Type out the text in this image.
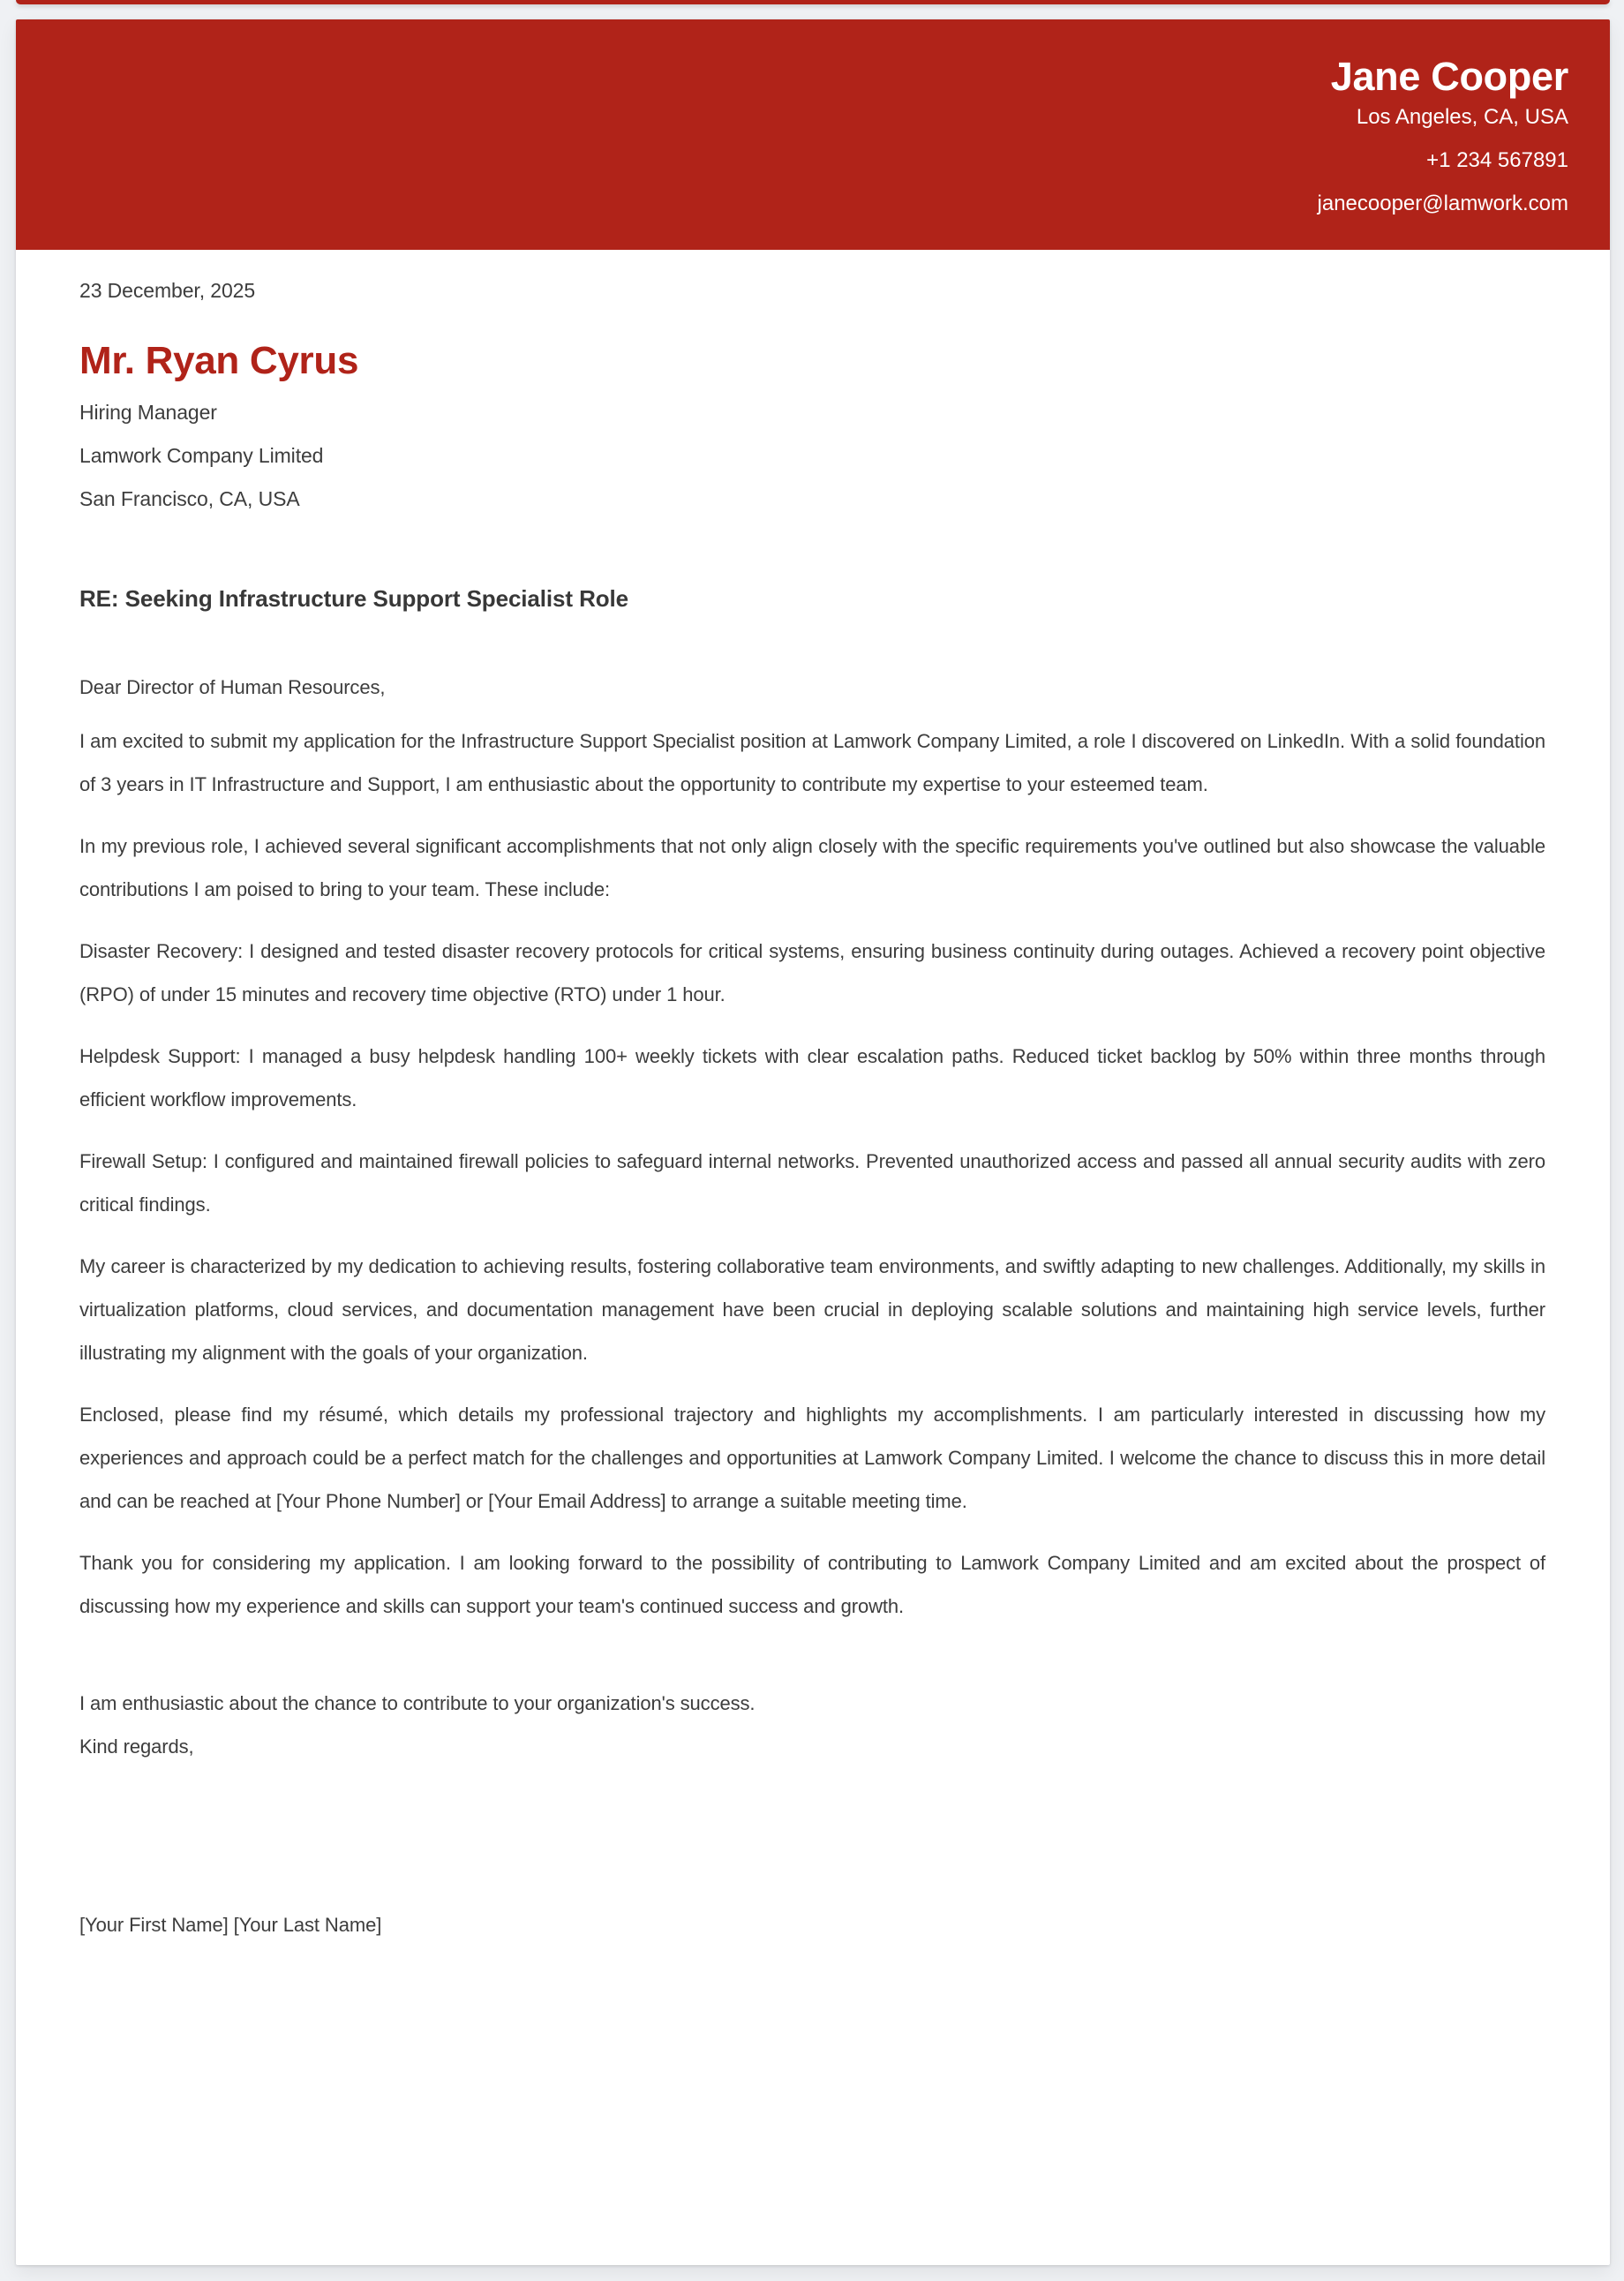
Jane Cooper
Los Angeles, CA, USA
+1 234 567891
janecooper@lamwork.com

23 December, 2025

Mr. Ryan Cyrus

Hiring Manager

Lamwork Company Limited

San Francisco, CA, USA

RE: Seeking Infrastructure Support Specialist Role

Dear Director of Human Resources,

I am excited to submit my application for the Infrastructure Support Specialist position at Lamwork Company Limited, a role I discovered on LinkedIn. With a solid foundation of 3 years in IT Infrastructure and Support, I am enthusiastic about the opportunity to contribute my expertise to your esteemed team.

In my previous role, I achieved several significant accomplishments that not only align closely with the specific requirements you've outlined but also showcase the valuable contributions I am poised to bring to your team. These include:

Disaster Recovery: I designed and tested disaster recovery protocols for critical systems, ensuring business continuity during outages. Achieved a recovery point objective (RPO) of under 15 minutes and recovery time objective (RTO) under 1 hour.

Helpdesk Support: I managed a busy helpdesk handling 100+ weekly tickets with clear escalation paths. Reduced ticket backlog by 50% within three months through efficient workflow improvements.

Firewall Setup: I configured and maintained firewall policies to safeguard internal networks. Prevented unauthorized access and passed all annual security audits with zero critical findings.

My career is characterized by my dedication to achieving results, fostering collaborative team environments, and swiftly adapting to new challenges. Additionally, my skills in virtualization platforms, cloud services, and documentation management have been crucial in deploying scalable solutions and maintaining high service levels, further illustrating my alignment with the goals of your organization.

Enclosed, please find my résumé, which details my professional trajectory and highlights my accomplishments. I am particularly interested in discussing how my experiences and approach could be a perfect match for the challenges and opportunities at Lamwork Company Limited. I welcome the chance to discuss this in more detail and can be reached at [Your Phone Number] or [Your Email Address] to arrange a suitable meeting time.

Thank you for considering my application. I am looking forward to the possibility of contributing to Lamwork Company Limited and am excited about the prospect of discussing how my experience and skills can support your team's continued success and growth.

I am enthusiastic about the chance to contribute to your organization's success.

Kind regards,

[Your First Name] [Your Last Name]
